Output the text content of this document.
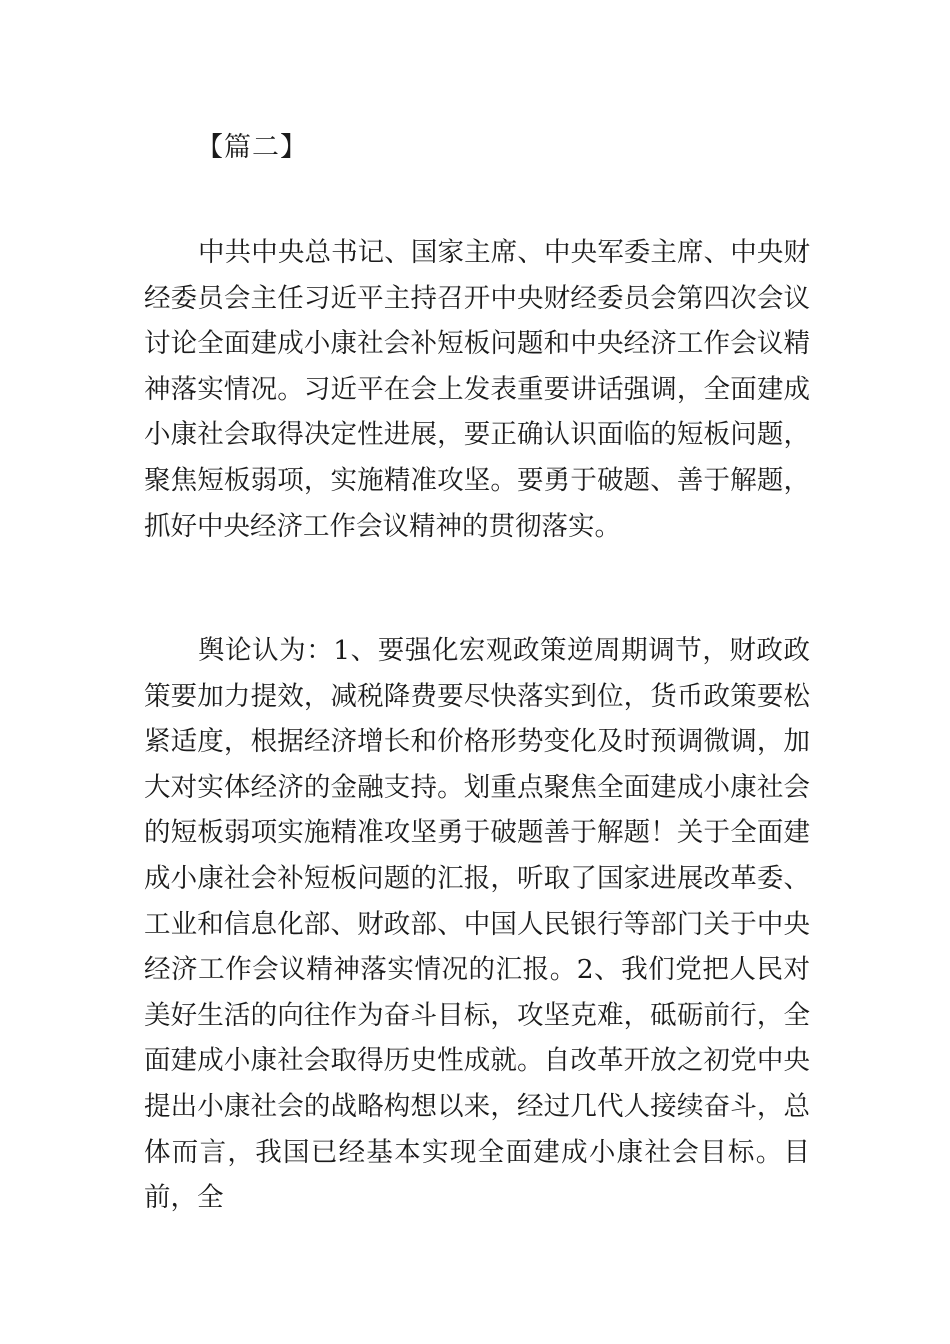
【篇二】

中共中央总书记、国家主席、中央军委主席、中央财经委员会主任习近平主持召开中央财经委员会第四次会议讨论全面建成小康社会补短板问题和中央经济工作会议精神落实情况。习近平在会上发表重要讲话强调，全面建成小康社会取得决定性进展，要正确认识面临的短板问题，聚焦短板弱项，实施精准攻坚。要勇于破题、善于解题，抓好中央经济工作会议精神的贯彻落实。

舆论认为：1、要强化宏观政策逆周期调节，财政政策要加力提效，减税降费要尽快落实到位，货币政策要松紧适度，根据经济增长和价格形势变化及时预调微调，加大对实体经济的金融支持。划重点聚焦全面建成小康社会的短板弱项实施精准攻坚勇于破题善于解题！关于全面建成小康社会补短板问题的汇报，听取了国家进展改革委、工业和信息化部、财政部、中国人民银行等部门关于中央经济工作会议精神落实情况的汇报。2、我们党把人民对美好生活的向往作为奋斗目标，攻坚克难，砥砺前行，全面建成小康社会取得历史性成就。自改革开放之初党中央提出小康社会的战略构想以来，经过几代人接续奋斗，总体而言，我国已经基本实现全面建成小康社会目标。目前，全
